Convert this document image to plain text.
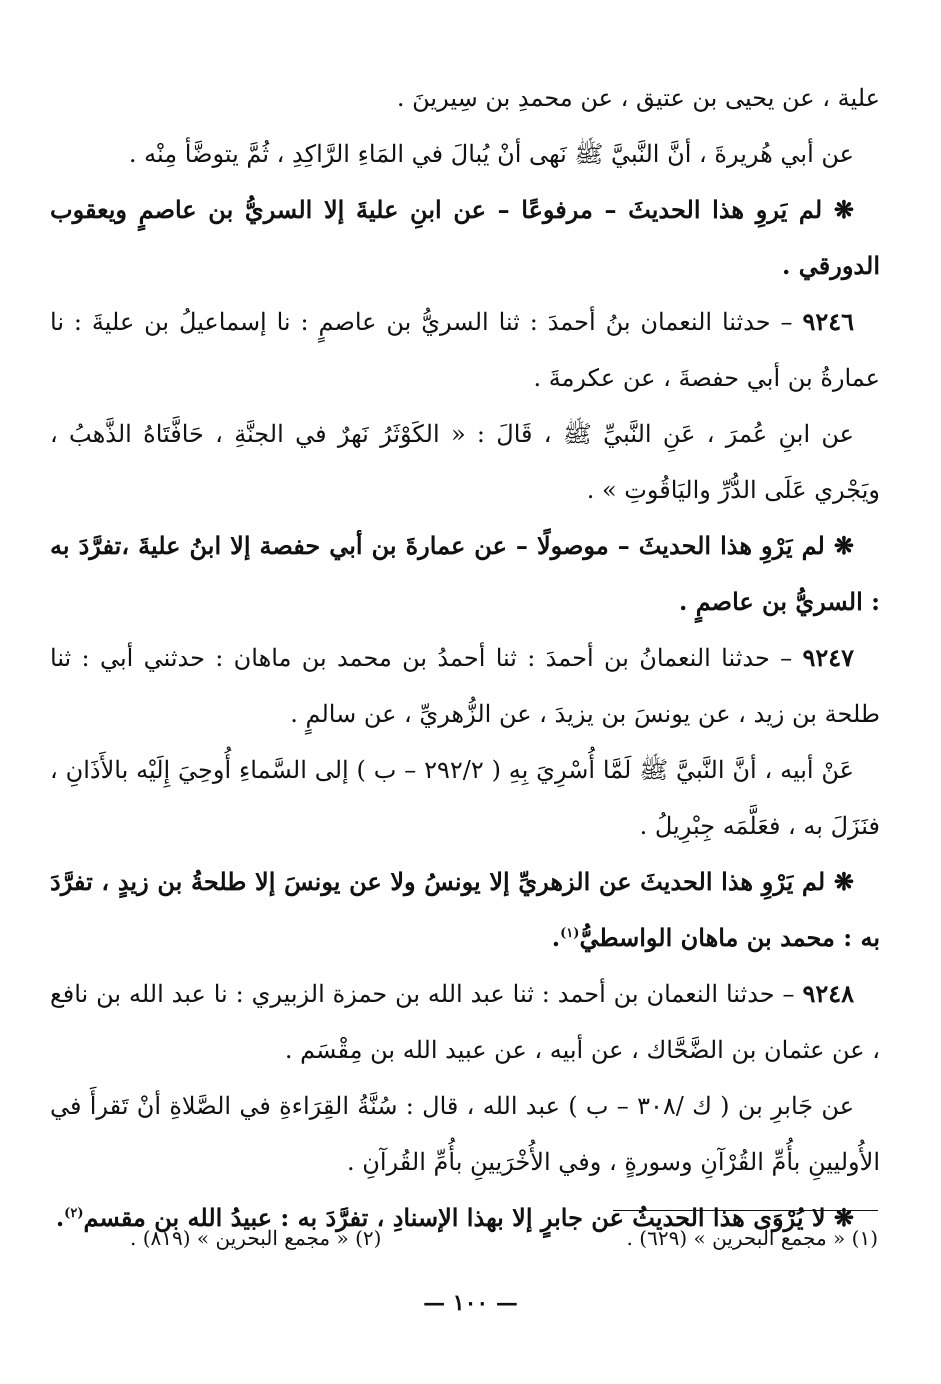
علية ، عن يحيى بن عتيق ، عن محمدِ بن سِيرينَ .

عن أبي هُريرةَ ، أنَّ النَّبيَّ ﷺ نَهى أنْ يُبالَ في المَاءِ الرَّاكِدِ ، ثُمَّ يتوضَّأ مِنْه .

❋ لم يَروِ هذا الحديثَ – مرفوعًا – عن ابنِ عليةَ إلا السريُّ بن عاصمٍ ويعقوب الدورقي .

٩٢٤٦ – حدثنا النعمان بنُ أحمدَ : ثنا السريُّ بن عاصمٍ : نا إسماعيلُ بن عليةَ : نا عمارةُ بن أبي حفصةَ ، عن عكرمةَ .

عن ابنِ عُمرَ ، عَنِ النَّبيِّ ﷺ ، قَالَ : « الكَوْثَرُ نَهرٌ في الجنَّةِ ، حَافَّتَاهُ الذَّهبُ ، ويَجْري عَلَى الدُّرِّ واليَاقُوتِ » .

❋ لم يَرْوِ هذا الحديثَ – موصولًا – عن عمارةَ بن أبي حفصة إلا ابنُ عليةَ ،تفرَّدَ به : السريُّ بن عاصمٍ .

٩٢٤٧ – حدثنا النعمانُ بن أحمدَ : ثنا أحمدُ بن محمد بن ماهان : حدثني أبي : ثنا طلحة بن زيد ، عن يونسَ بن يزيدَ ، عن الزُّهريِّ ، عن سالمٍ .

عَنْ أبيه ، أنَّ النَّبيَّ ﷺ لَمَّا أُسْرِيَ بِهِ ( ٢٩٢/٢ – ب ) إلى السَّماءِ أُوحِيَ إِلَيْه بالأَذَانِ ، فنَزَلَ به ، فعَلَّمَه جِبْرِيلُ .

❋ لم يَرْوِ هذا الحديثَ عن الزهريِّ إلا يونسُ ولا عن يونسَ إلا طلحةُ بن زيدٍ ، تفرَّدَ به : محمد بن ماهان الواسطيُّ$^{(١)}$.

٩٢٤٨ – حدثنا النعمان بن أحمد : ثنا عبد الله بن حمزة الزبيري : نا عبد الله بن نافع ، عن عثمان بن الضَّحَّاك ، عن أبيه ، عن عبيد الله بن مِقْسَم .

عن جَابرِ بن ( ك /٣٠٨ – ب ) عبد الله ، قال : سُنَّةُ القِرَاءةِ في الصَّلاةِ أنْ تَقرأَ في الأُوليينِ بأُمِّ القُرْآنِ وسورةٍ ، وفي الأُخْرَيينِ بأُمِّ القُرآنِ .

❋ لا يُرْوَى هذا الحديثُ عن جابرٍ إلا بهذا الإسنادِ ، تفرَّدَ به : عبيدُ الله بن مقسم$^{(٢)}$.

(١) « مجمع البحرين » (٦٢٩) .
(٢) « مجمع البحرين » (٨١٩) .
— ١٠٠ —
